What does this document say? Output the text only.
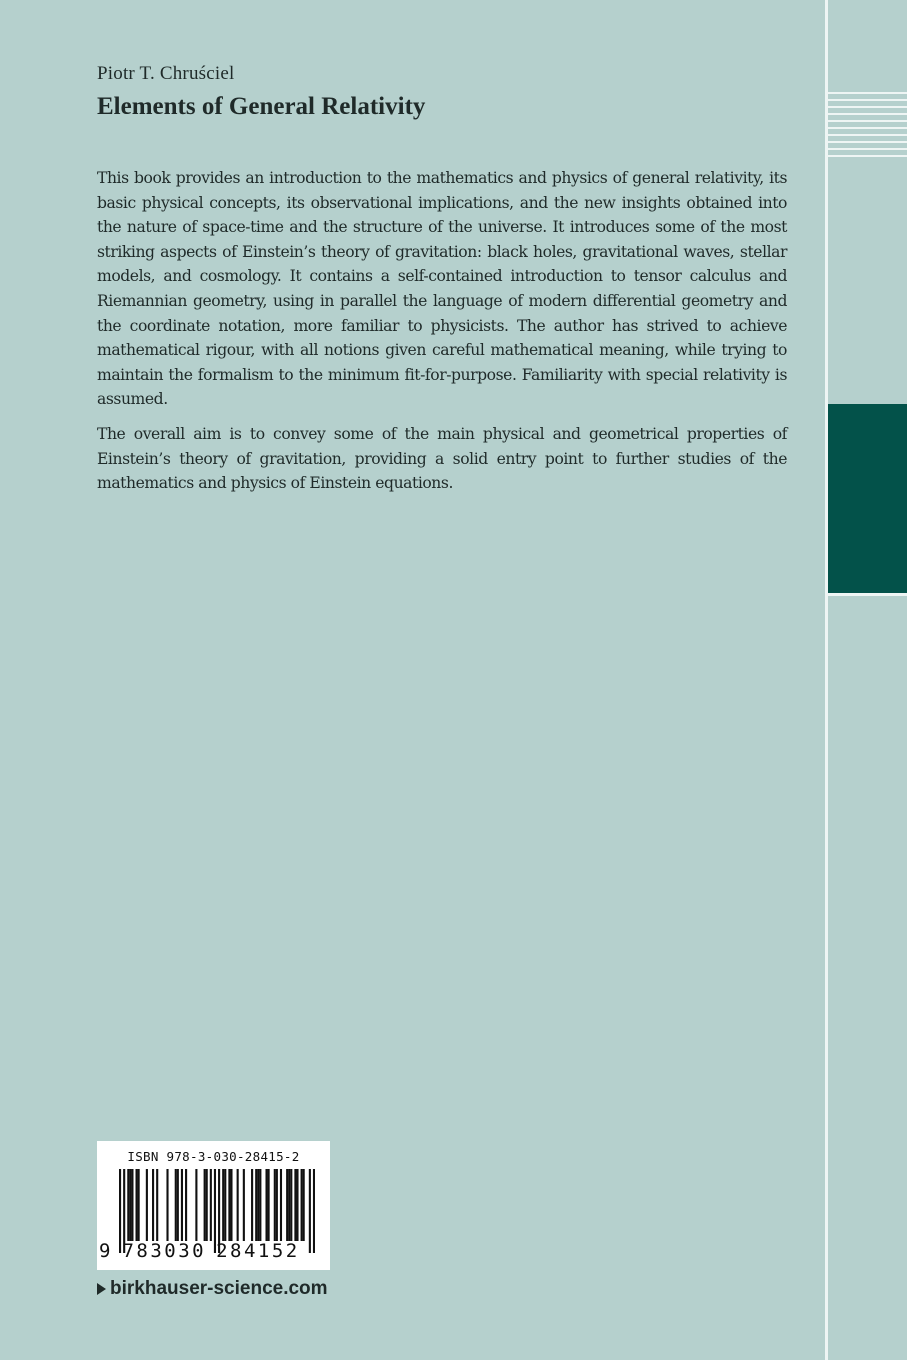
Piotr T. Chruściel
Elements of General Relativity

This book provides an introduction to the mathematics and physics of general relativity, its basic physical concepts, its observational implications, and the new insights obtained into the nature of space-time and the structure of the universe. It introduces some of the most striking aspects of Einstein’s theory of gravitation: black holes, gravitational waves, stellar models, and cosmology. It contains a self-contained introduction to tensor calculus and Riemannian geometry, using in parallel the language of modern differential geometry and the coordinate notation, more familiar to physicists. The author has strived to achieve mathematical rigour, with all notions given careful mathematical meaning, while trying to maintain the formalism to the minimum fit-for-purpose. Familiarity with special relativity is assumed.

The overall aim is to convey some of the main physical and geometrical properties of Einstein’s theory of gravitation, providing a solid entry point to further studies of the mathematics and physics of Einstein equations.

ISBN 978-3-030-28415-2
9 783030 284152
birkhauser-science.com
